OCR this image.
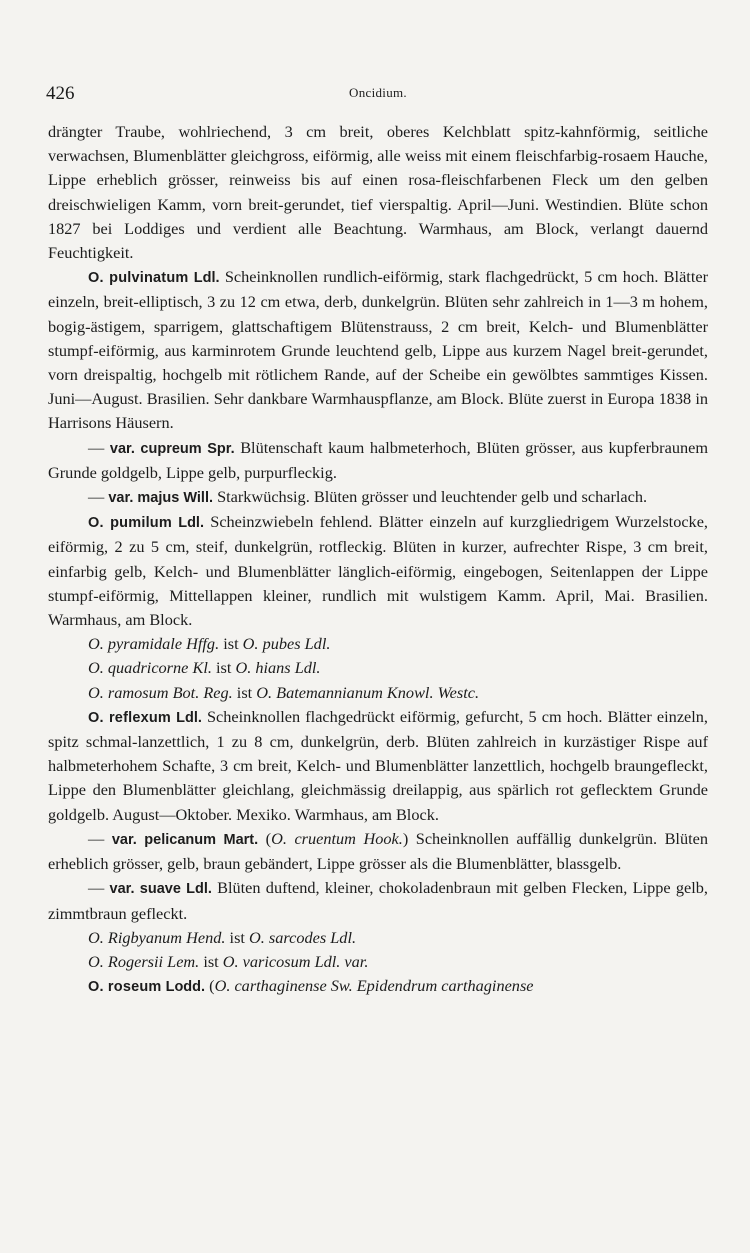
426	Oncidium.

drängter Traube, wohlriechend, 3 cm breit, oberes Kelchblatt spitz-kahnförmig, seitliche verwachsen, Blumenblätter gleichgross, eiförmig, alle weiss mit einem fleischfarbig-rosaem Hauche, Lippe erheblich grösser, reinweiss bis auf einen rosa-fleischfarbenen Fleck um den gelben dreischwieligen Kamm, vorn breit-gerundet, tief vierspaltig. April—Juni. Westindien. Blüte schon 1827 bei Loddiges und verdient alle Beachtung. Warmhaus, am Block, verlangt dauernd Feuchtigkeit.

O. pulvinatum Ldl. Scheinknollen rundlich-eiförmig, stark flachgedrückt, 5 cm hoch. Blätter einzeln, breit-elliptisch, 3 zu 12 cm etwa, derb, dunkelgrün. Blüten sehr zahlreich in 1—3 m hohem, bogig-ästigem, sparrigem, glattschaftigem Blütenstrauss, 2 cm breit, Kelch- und Blumenblätter stumpf-eiförmig, aus karminrotem Grunde leuchtend gelb, Lippe aus kurzem Nagel breit-gerundet, vorn dreispaltig, hochgelb mit rötlichem Rande, auf der Scheibe ein gewölbtes sammtiges Kissen. Juni—August. Brasilien. Sehr dankbare Warmhauspflanze, am Block. Blüte zuerst in Europa 1838 in Harrisons Häusern.

— var. cupreum Spr. Blütenschaft kaum halbmeterhoch, Blüten grösser, aus kupferbraunem Grunde goldgelb, Lippe gelb, purpurfleckig.

— var. majus Will. Starkwüchsig. Blüten grösser und leuchtender gelb und scharlach.

O. pumilum Ldl. Scheinzwiebeln fehlend. Blätter einzeln auf kurzgliedrigem Wurzelstocke, eiförmig, 2 zu 5 cm, steif, dunkelgrün, rotfleckig. Blüten in kurzer, aufrechter Rispe, 3 cm breit, einfarbig gelb, Kelch- und Blumenblätter länglich-eiförmig, eingebogen, Seitenlappen der Lippe stumpf-eiförmig, Mittellappen kleiner, rundlich mit wulstigem Kamm. April, Mai. Brasilien. Warmhaus, am Block.

O. pyramidale Hffg. ist O. pubes Ldl.

O. quadricorne Kl. ist O. hians Ldl.

O. ramosum Bot. Reg. ist O. Batemannianum Knowl. Westc.

O. reflexum Ldl. Scheinknollen flachgedrückt eiförmig, gefurcht, 5 cm hoch. Blätter einzeln, spitz schmal-lanzettlich, 1 zu 8 cm, dunkelgrün, derb. Blüten zahlreich in kurzästiger Rispe auf halbmeterhohem Schafte, 3 cm breit, Kelch- und Blumenblätter lanzettlich, hochgelb braungefleckt, Lippe den Blumenblätter gleichlang, gleichmässig dreilappig, aus spärlich rot geflecktem Grunde goldgelb. August—Oktober. Mexiko. Warmhaus, am Block.

— var. pelicanum Mart. (O. cruentum Hook.) Scheinknollen auffällig dunkelgrün. Blüten erheblich grösser, gelb, braun gebändert, Lippe grösser als die Blumenblätter, blassgelb.

— var. suave Ldl. Blüten duftend, kleiner, chokoladenbraun mit gelben Flecken, Lippe gelb, zimmtbraun gefleckt.

O. Rigbyanum Hend. ist O. sarcodes Ldl.

O. Rogersii Lem. ist O. varicosum Ldl. var.

O. roseum Lodd. (O. carthaginense Sw. Epidendrum carthaginense
